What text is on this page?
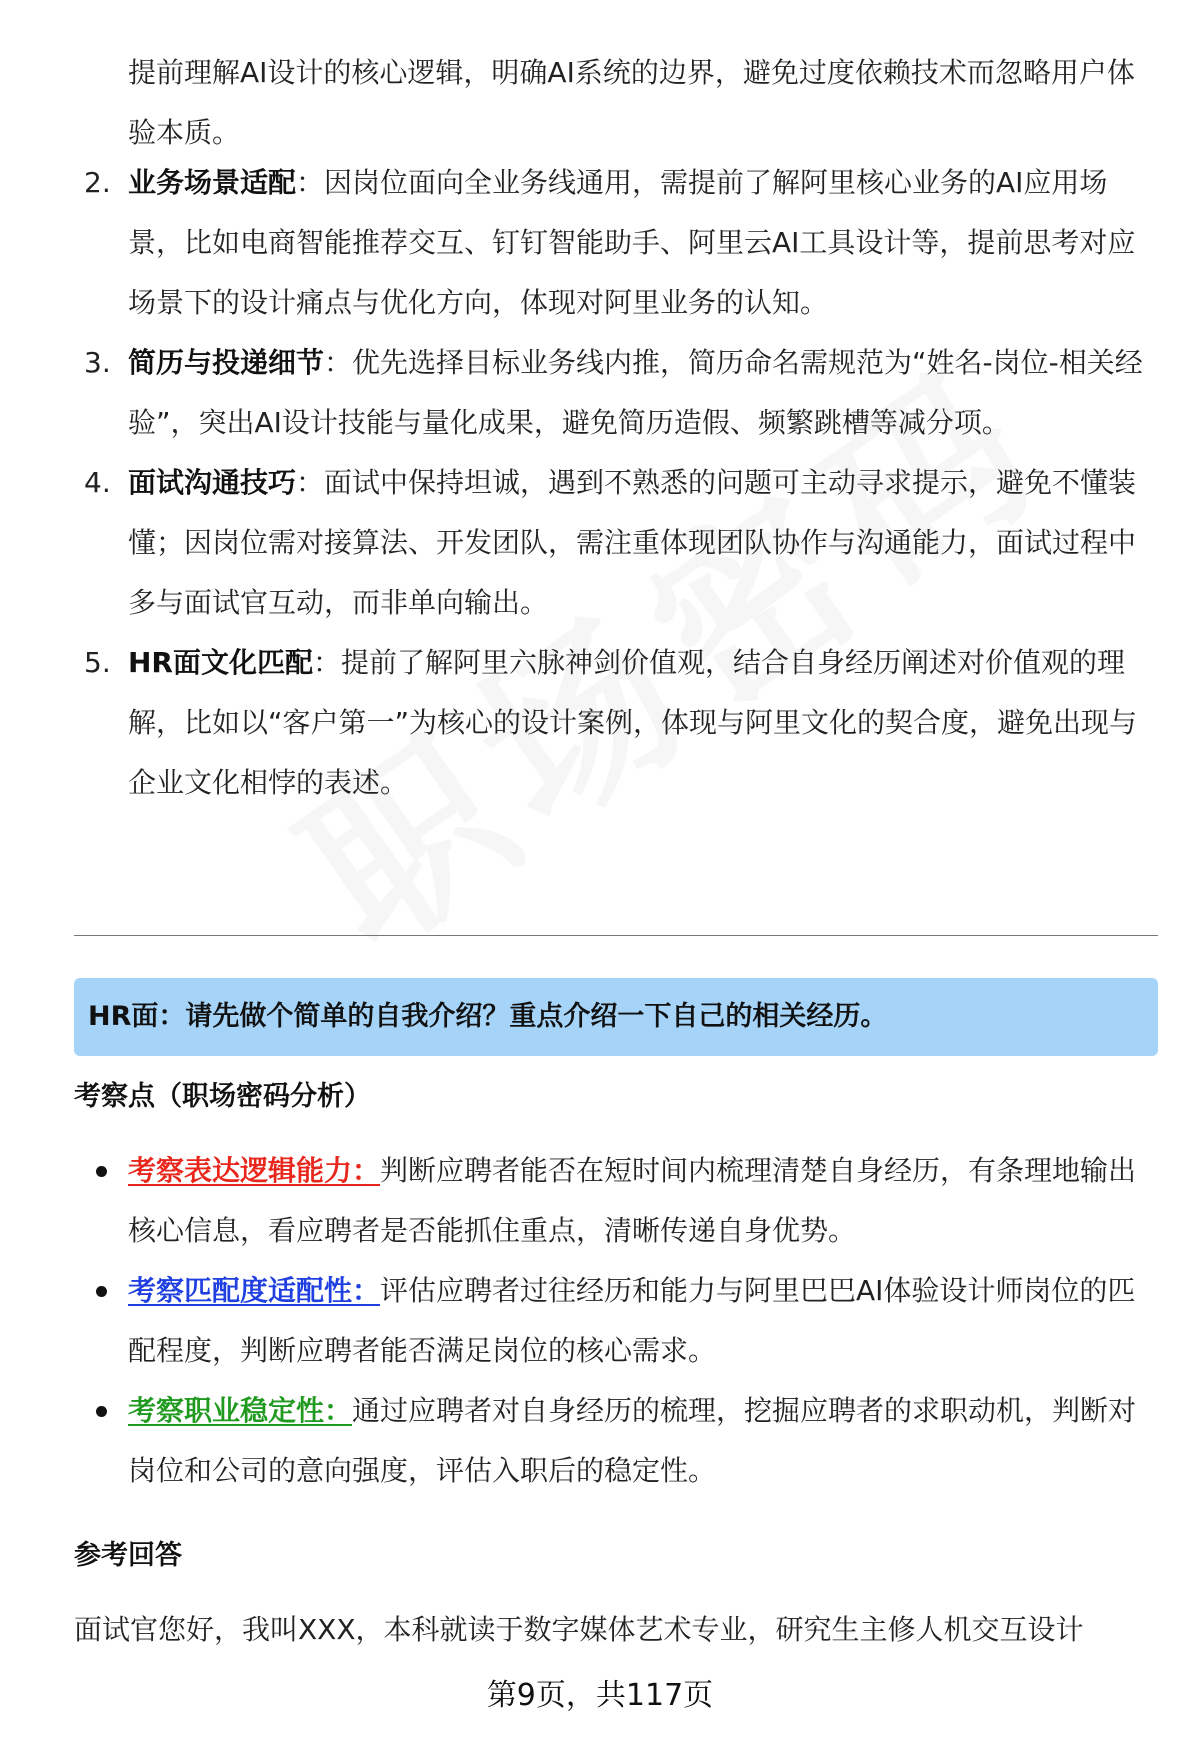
提前理解AI设计的核心逻辑，明确AI系统的边界，避免过度依赖技术而忽略用户体验本质。
2. 业务场景适配：因岗位面向全业务线通用，需提前了解阿里核心业务的AI应用场景，比如电商智能推荐交互、钉钉智能助手、阿里云AI工具设计等，提前思考对应场景下的设计痛点与优化方向，体现对阿里业务的认知。
3. 简历与投递细节：优先选择目标业务线内推，简历命名需规范为“姓名-岗位-相关经验”，突出AI设计技能与量化成果，避免简历造假、频繁跳槽等减分项。
4. 面试沟通技巧：面试中保持坦诚，遇到不熟悉的问题可主动寻求提示，避免不懂装懂；因岗位需对接算法、开发团队，需注重体现团队协作与沟通能力，面试过程中多与面试官互动，而非单向输出。
5. HR面文化匹配：提前了解阿里六脉神剑价值观，结合自身经历阐述对价值观的理解，比如以“客户第一”为核心的设计案例，体现与阿里文化的契合度，避免出现与企业文化相悖的表述。
HR面：请先做个简单的自我介绍？重点介绍一下自己的相关经历。
考察点（职场密码分析）
考察表达逻辑能力：判断应聘者能否在短时间内梳理清楚自身经历，有条理地输出核心信息，看应聘者是否能抓住重点，清晰传递自身优势。
考察匹配度适配性：评估应聘者过往经历和能力与阿里巴巴AI体验设计师岗位的匹配程度，判断应聘者能否满足岗位的核心需求。
考察职业稳定性：通过应聘者对自身经历的梳理，挖掘应聘者的求职动机，判断对岗位和公司的意向强度，评估入职后的稳定性。
参考回答
面试官您好，我叫XXX，本科就读于数字媒体艺术专业，研究生主修人机交互设计
第9页，共117页
